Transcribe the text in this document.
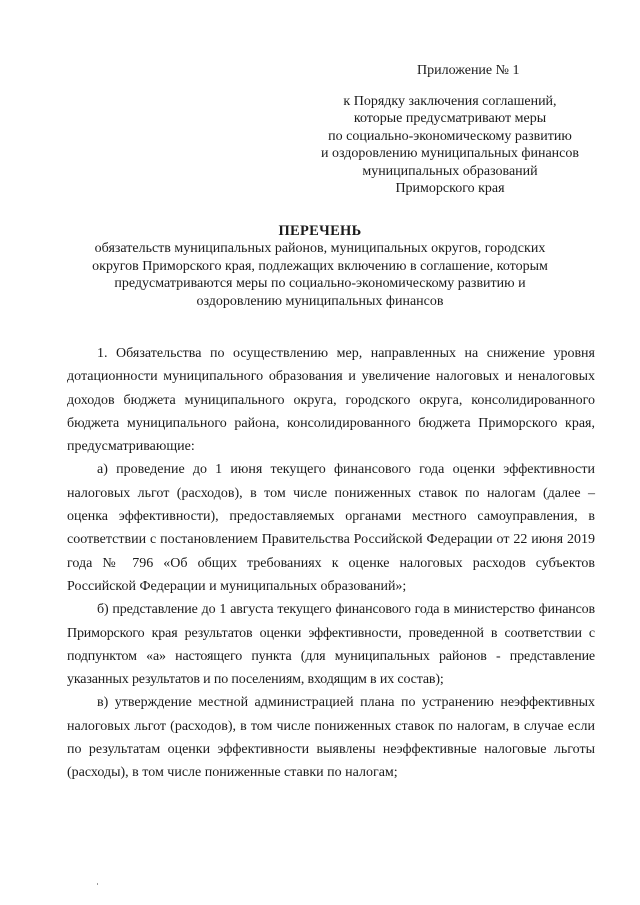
Приложение № 1
к Порядку заключения соглашений,
которые предусматривают меры
по социально-экономическому развитию
и оздоровлению муниципальных финансов
муниципальных образований
Приморского края
ПЕРЕЧЕНЬ
обязательств муниципальных районов, муниципальных округов, городских
округов Приморского края, подлежащих включению в соглашение, которым
предусматриваются меры по социально-экономическому развитию и
оздоровлению муниципальных финансов

1. Обязательства по осуществлению мер, направленных на снижение уровня дотационности муниципального образования и увеличение налоговых и неналоговых доходов бюджета муниципального округа, городского округа, консолидированного бюджета муниципального района, консолидированного бюджета Приморского края, предусматривающие:

а) проведение до 1 июня текущего финансового года оценки эффективности налоговых льгот (расходов), в том числе пониженных ставок по налогам (далее – оценка эффективности), предоставляемых органами местного самоуправления, в соответствии с постановлением Правительства Российской Федерации от 22 июня 2019 года № 796 «Об общих требованиях к оценке налоговых расходов субъектов Российской Федерации и муниципальных образований»;

б) представление до 1 августа текущего финансового года в министерство финансов Приморского края результатов оценки эффективности, проведенной в соответствии с подпунктом «а» настоящего пункта (для муниципальных районов - представление указанных результатов и по поселениям, входящим в их состав);

в) утверждение местной администрацией плана по устранению неэффективных налоговых льгот (расходов), в том числе пониженных ставок по налогам, в случае если по результатам оценки эффективности выявлены неэффективные налоговые льготы (расходы), в том числе пониженные ставки по налогам;
